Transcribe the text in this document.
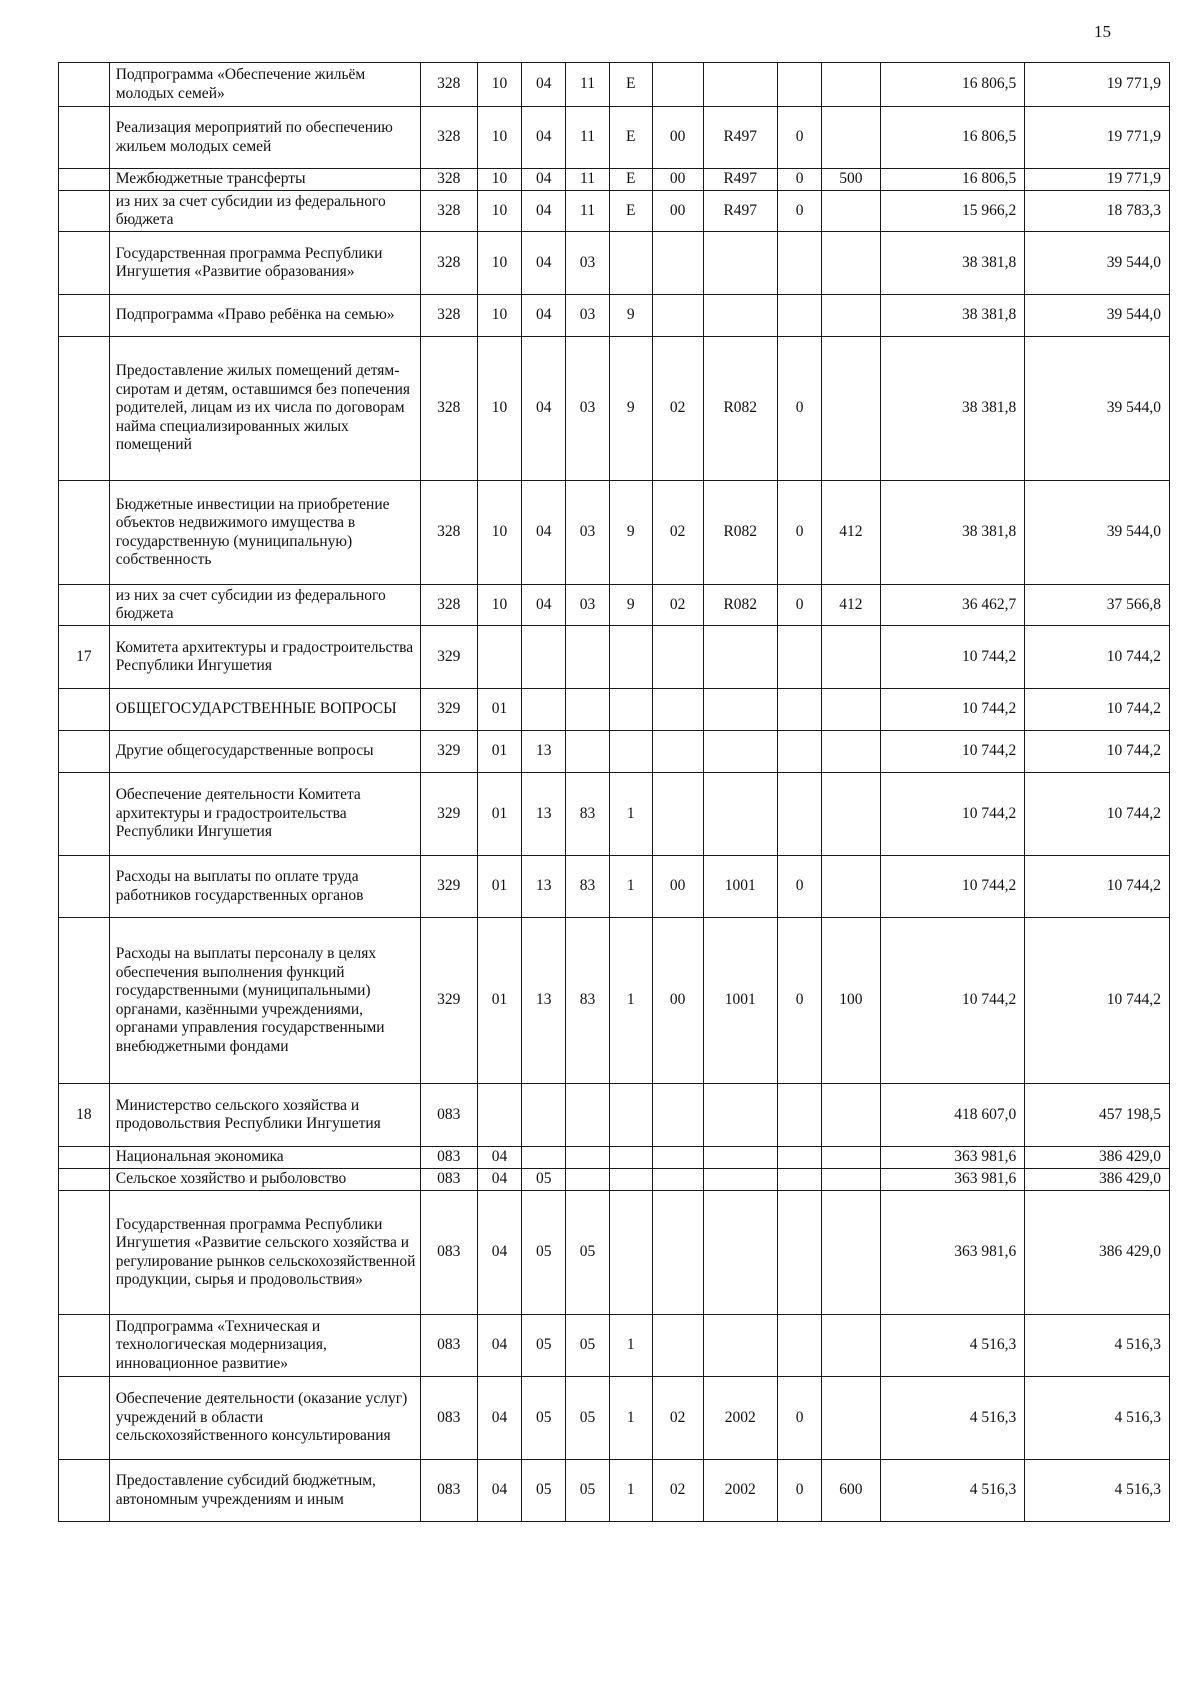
15
	Подпрограмма «Обеспечение жильём молодых семей»	328	10	04	11	Е					16 806,5	19 771,9
	Реализация мероприятий по обеспечению жильем молодых семей	328	10	04	11	Е	00	R497	0		16 806,5	19 771,9
	Межбюджетные трансферты	328	10	04	11	Е	00	R497	0	500	16 806,5	19 771,9
	из них за счет субсидии из федерального бюджета	328	10	04	11	Е	00	R497	0		15 966,2	18 783,3
	Государственная программа Республики Ингушетия «Развитие образования»	328	10	04	03						38 381,8	39 544,0
	Подпрограмма «Право ребёнка на семью»	328	10	04	03	9					38 381,8	39 544,0
	Предоставление жилых помещений детям-сиротам и детям, оставшимся без попечения родителей, лицам из их числа по договорам найма специализированных жилых помещений	328	10	04	03	9	02	R082	0		38 381,8	39 544,0
	Бюджетные инвестиции на приобретение объектов недвижимого имущества в государственную (муниципальную) собственность	328	10	04	03	9	02	R082	0	412	38 381,8	39 544,0
	из них за счет субсидии из федерального бюджета	328	10	04	03	9	02	R082	0	412	36 462,7	37 566,8
17	Комитета архитектуры и градостроительства Республики Ингушетия	329									10 744,2	10 744,2
	ОБЩЕГОСУДАРСТВЕННЫЕ ВОПРОСЫ	329	01								10 744,2	10 744,2
	Другие общегосударственные вопросы	329	01	13							10 744,2	10 744,2
	Обеспечение деятельности Комитета архитектуры и градостроительства Республики Ингушетия	329	01	13	83	1					10 744,2	10 744,2
	Расходы на выплаты по оплате труда работников государственных органов	329	01	13	83	1	00	1001	0		10 744,2	10 744,2
	Расходы на выплаты персоналу в целях обеспечения выполнения функций государственными (муниципальными) органами, казёнными учреждениями, органами управления государственными внебюджетными фондами	329	01	13	83	1	00	1001	0	100	10 744,2	10 744,2
18	Министерство сельского хозяйства и продовольствия Республики Ингушетия	083									418 607,0	457 198,5
	Национальная экономика	083	04								363 981,6	386 429,0
	Сельское хозяйство и рыболовство	083	04	05							363 981,6	386 429,0
	Государственная программа Республики Ингушетия «Развитие сельского хозяйства и регулирование рынков сельскохозяйственной продукции, сырья и продовольствия»	083	04	05	05						363 981,6	386 429,0
	Подпрограмма «Техническая и технологическая модернизация, инновационное развитие»	083	04	05	05	1					4 516,3	4 516,3
	Обеспечение деятельности (оказание услуг) учреждений в области сельскохозяйственного консультирования	083	04	05	05	1	02	2002	0		4 516,3	4 516,3
	Предоставление субсидий бюджетным, автономным учреждениям и иным	083	04	05	05	1	02	2002	0	600	4 516,3	4 516,3
